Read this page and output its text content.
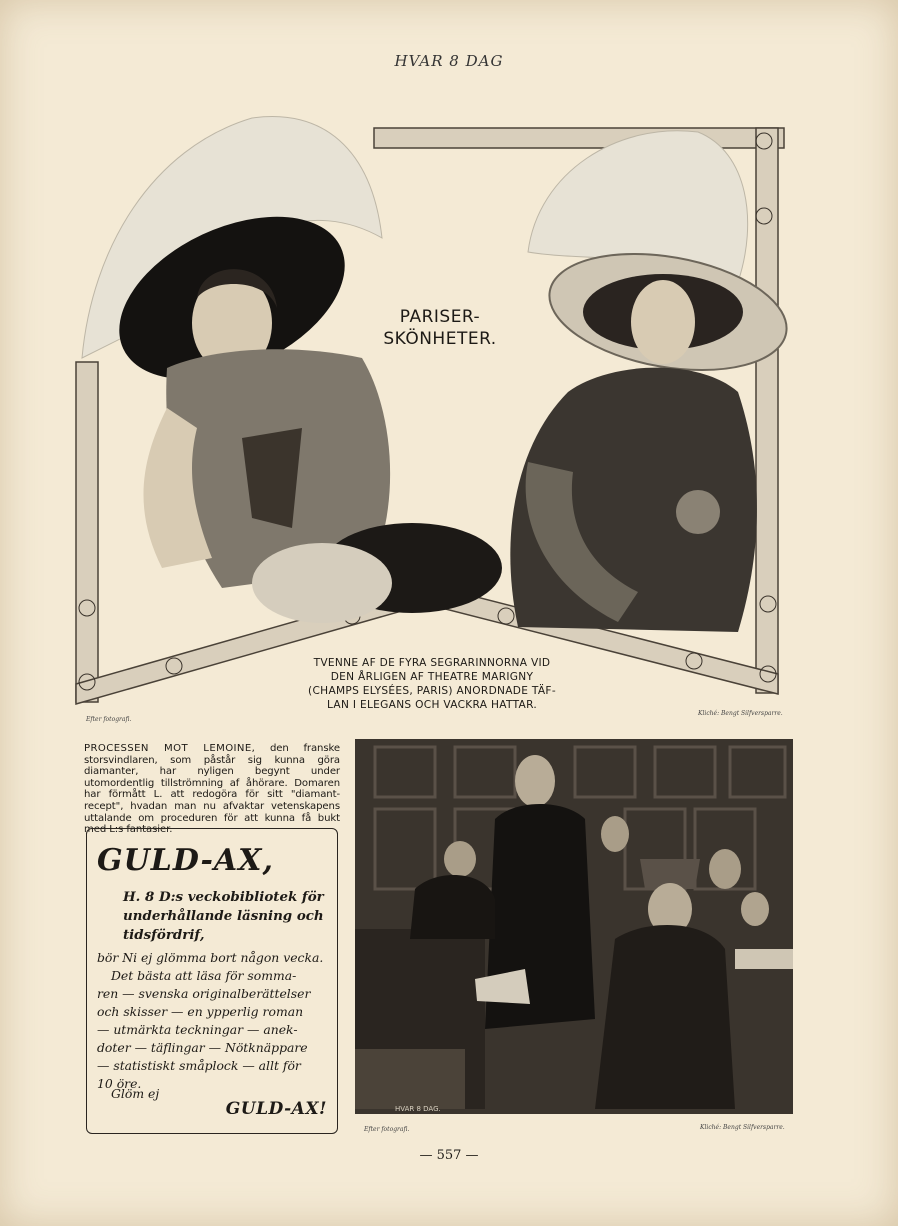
HVAR 8 DAG
PARISER-
SKÖNHETER.
TVENNE AF DE FYRA SEGRARINNORNA VID
DEN ÅRLIGEN AF THEATRE MARIGNY
(CHAMPS ELYSÉES, PARIS) ANORDNADE TÄF-
LAN I ELEGANS OCH VACKRA HATTAR.
Efter fotografi.
Kliché: Bengt Silfversparre.
PROCESSEN MOT LEMOINE, den franske storsvindlaren, som påstår sig kunna göra diamanter, har nyligen begynt under utomordentlig tillströmning af åhörare. Domaren har förmått L. att redogöra för sitt "diamant-recept", hvadan man nu afvaktar vetenskapens uttalande om proceduren för att kunna få bukt med L:s fantasier.
GULD-AX,
H. 8 D:s veckobibliotek för
underhållande läsning och
tidsfördrif,
bör Ni ej glömma bort någon vecka.
Det bästa att läsa för somma-
ren — svenska originalberättelser
och skisser — en ypperlig roman
— utmärkta teckningar — anek-
doter — täflingar — Nötknäppare
— statistiskt småplock — allt för
10 öre.
Glöm ej
GULD-AX!	HVAR 8 DAG.
Efter fotografi.	Kliché: Bengt Silfversparre.
— 557 —
